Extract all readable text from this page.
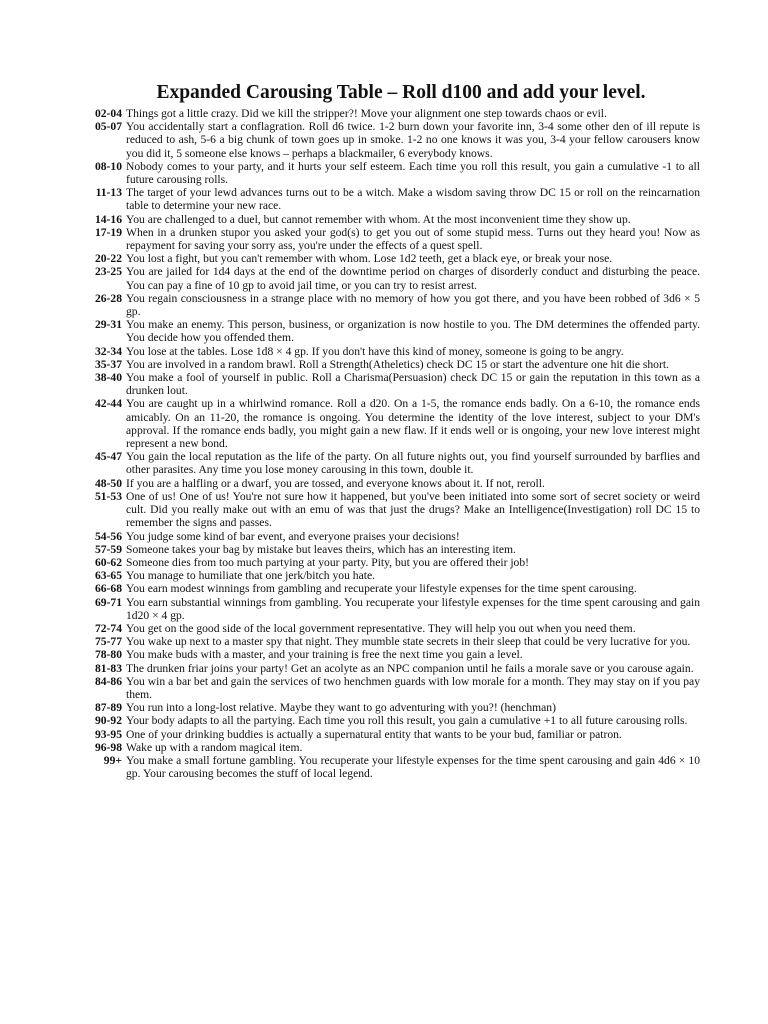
Expanded Carousing Table – Roll d100 and add your level.
02-04 Things got a little crazy. Did we kill the stripper?! Move your alignment one step towards chaos or evil.
05-07 You accidentally start a conflagration. Roll d6 twice. 1-2 burn down your favorite inn, 3-4 some other den of ill repute is reduced to ash, 5-6 a big chunk of town goes up in smoke. 1-2 no one knows it was you, 3-4 your fellow carousers know you did it, 5 someone else knows – perhaps a blackmailer, 6 everybody knows.
08-10 Nobody comes to your party, and it hurts your self esteem. Each time you roll this result, you gain a cumulative -1 to all future carousing rolls.
11-13 The target of your lewd advances turns out to be a witch. Make a wisdom saving throw DC 15 or roll on the reincarnation table to determine your new race.
14-16 You are challenged to a duel, but cannot remember with whom. At the most inconvenient time they show up.
17-19 When in a drunken stupor you asked your god(s) to get you out of some stupid mess. Turns out they heard you! Now as repayment for saving your sorry ass, you're under the effects of a quest spell.
20-22 You lost a fight, but you can't remember with whom. Lose 1d2 teeth, get a black eye, or break your nose.
23-25 You are jailed for 1d4 days at the end of the downtime period on charges of disorderly conduct and disturbing the peace. You can pay a fine of 10 gp to avoid jail time, or you can try to resist arrest.
26-28 You regain consciousness in a strange place with no memory of how you got there, and you have been robbed of 3d6 × 5 gp.
29-31 You make an enemy. This person, business, or organization is now hostile to you. The DM determines the offended party. You decide how you offended them.
32-34 You lose at the tables. Lose 1d8 × 4 gp. If you don't have this kind of money, someone is going to be angry.
35-37 You are involved in a random brawl. Roll a Strength(Atheletics) check DC 15 or start the adventure one hit die short.
38-40 You make a fool of yourself in public. Roll a Charisma(Persuasion) check DC 15 or gain the reputation in this town as a drunken lout.
42-44 You are caught up in a whirlwind romance. Roll a d20. On a 1-5, the romance ends badly. On a 6-10, the romance ends amicably. On an 11-20, the romance is ongoing. You determine the identity of the love interest, subject to your DM's approval. If the romance ends badly, you might gain a new flaw. If it ends well or is ongoing, your new love interest might represent a new bond.
45-47 You gain the local reputation as the life of the party. On all future nights out, you find yourself surrounded by barflies and other parasites. Any time you lose money carousing in this town, double it.
48-50 If you are a halfling or a dwarf, you are tossed, and everyone knows about it. If not, reroll.
51-53 One of us! One of us! You're not sure how it happened, but you've been initiated into some sort of secret society or weird cult. Did you really make out with an emu of was that just the drugs? Make an Intelligence(Investigation) roll DC 15 to remember the signs and passes.
54-56 You judge some kind of bar event, and everyone praises your decisions!
57-59 Someone takes your bag by mistake but leaves theirs, which has an interesting item.
60-62 Someone dies from too much partying at your party. Pity, but you are offered their job!
63-65 You manage to humiliate that one jerk/bitch you hate.
66-68 You earn modest winnings from gambling and recuperate your lifestyle expenses for the time spent carousing.
69-71 You earn substantial winnings from gambling. You recuperate your lifestyle expenses for the time spent carousing and gain 1d20 × 4 gp.
72-74 You get on the good side of the local government representative. They will help you out when you need them.
75-77 You wake up next to a master spy that night. They mumble state secrets in their sleep that could be very lucrative for you.
78-80 You make buds with a master, and your training is free the next time you gain a level.
81-83 The drunken friar joins your party! Get an acolyte as an NPC companion until he fails a morale save or you carouse again.
84-86 You win a bar bet and gain the services of two henchmen guards with low morale for a month. They may stay on if you pay them.
87-89 You run into a long-lost relative. Maybe they want to go adventuring with you?! (henchman)
90-92 Your body adapts to all the partying. Each time you roll this result, you gain a cumulative +1 to all future carousing rolls.
93-95 One of your drinking buddies is actually a supernatural entity that wants to be your bud, familiar or patron.
96-98 Wake up with a random magical item.
99+ You make a small fortune gambling. You recuperate your lifestyle expenses for the time spent carousing and gain 4d6 × 10 gp. Your carousing becomes the stuff of local legend.
